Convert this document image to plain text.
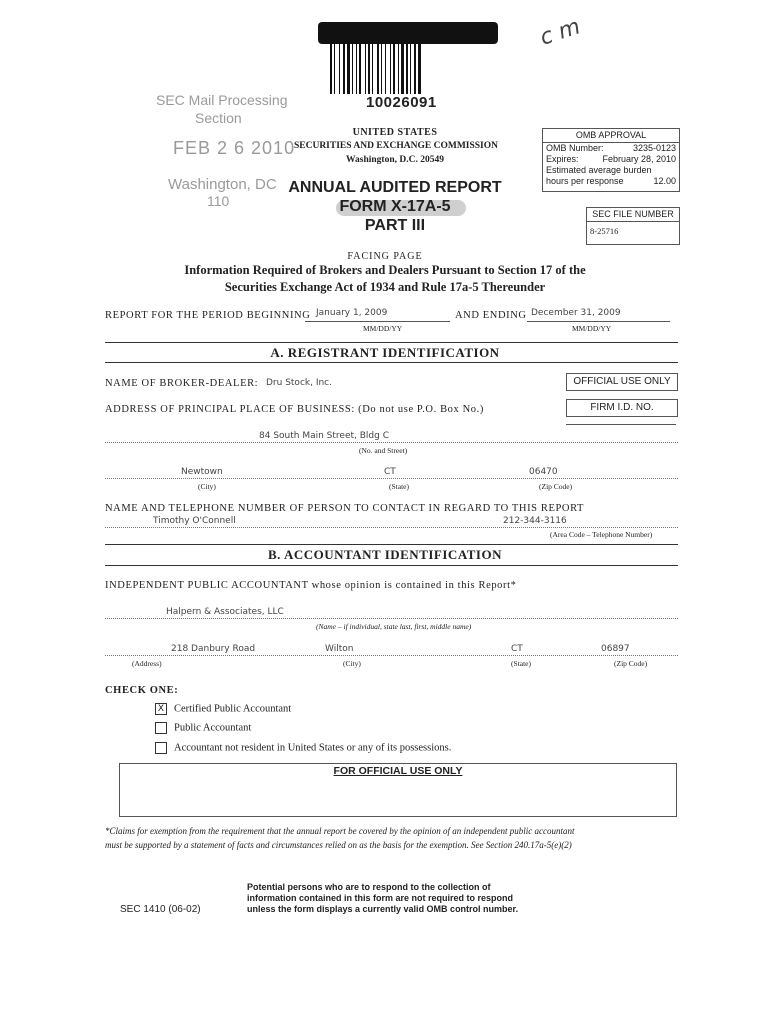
c m
10026091
SEC Mail Processing
Section
FEB 2 6 2010
Washington, DC
110
UNITED STATES
SECURITIES AND EXCHANGE COMMISSION
Washington, D.C. 20549
ANNUAL AUDITED REPORT
FORM X-17A-5
PART III
OMB APPROVAL
OMB Number:	3235-0123
Expires:	February 28, 2010
Estimated average burden
hours per response	12.00
SEC FILE NUMBER
8-25716
FACING PAGE
Information Required of Brokers and Dealers Pursuant to Section 17 of the
Securities Exchange Act of 1934 and Rule 17a-5 Thereunder
REPORT FOR THE PERIOD BEGINNING January 1, 2009
MM/DD/YY
AND ENDING December 31, 2009
MM/DD/YY
A. REGISTRANT IDENTIFICATION
NAME OF BROKER-DEALER: Dru Stock, Inc.	OFFICIAL USE ONLY
ADDRESS OF PRINCIPAL PLACE OF BUSINESS: (Do not use P.O. Box No.)	FIRM I.D. NO.
84 South Main Street, Bldg C
(No. and Street)
Newtown	CT	06470
(City)	(State)	(Zip Code)
NAME AND TELEPHONE NUMBER OF PERSON TO CONTACT IN REGARD TO THIS REPORT
Timothy O'Connell	212-344-3116
(Area Code – Telephone Number)
B. ACCOUNTANT IDENTIFICATION
INDEPENDENT PUBLIC ACCOUNTANT whose opinion is contained in this Report*
Halpern & Associates, LLC
(Name – if individual, state last, first, middle name)
218 Danbury Road	Wilton	CT	06897
(Address)	(City)	(State)	(Zip Code)
CHECK ONE:
X Certified Public Accountant
Public Accountant
Accountant not resident in United States or any of its possessions.
FOR OFFICIAL USE ONLY
*Claims for exemption from the requirement that the annual report be covered by the opinion of an independent public accountant
must be supported by a statement of facts and circumstances relied on as the basis for the exemption. See Section 240.17a-5(e)(2)
SEC 1410 (06-02)
Potential persons who are to respond to the collection of
information contained in this form are not required to respond
unless the form displays a currently valid OMB control number.
